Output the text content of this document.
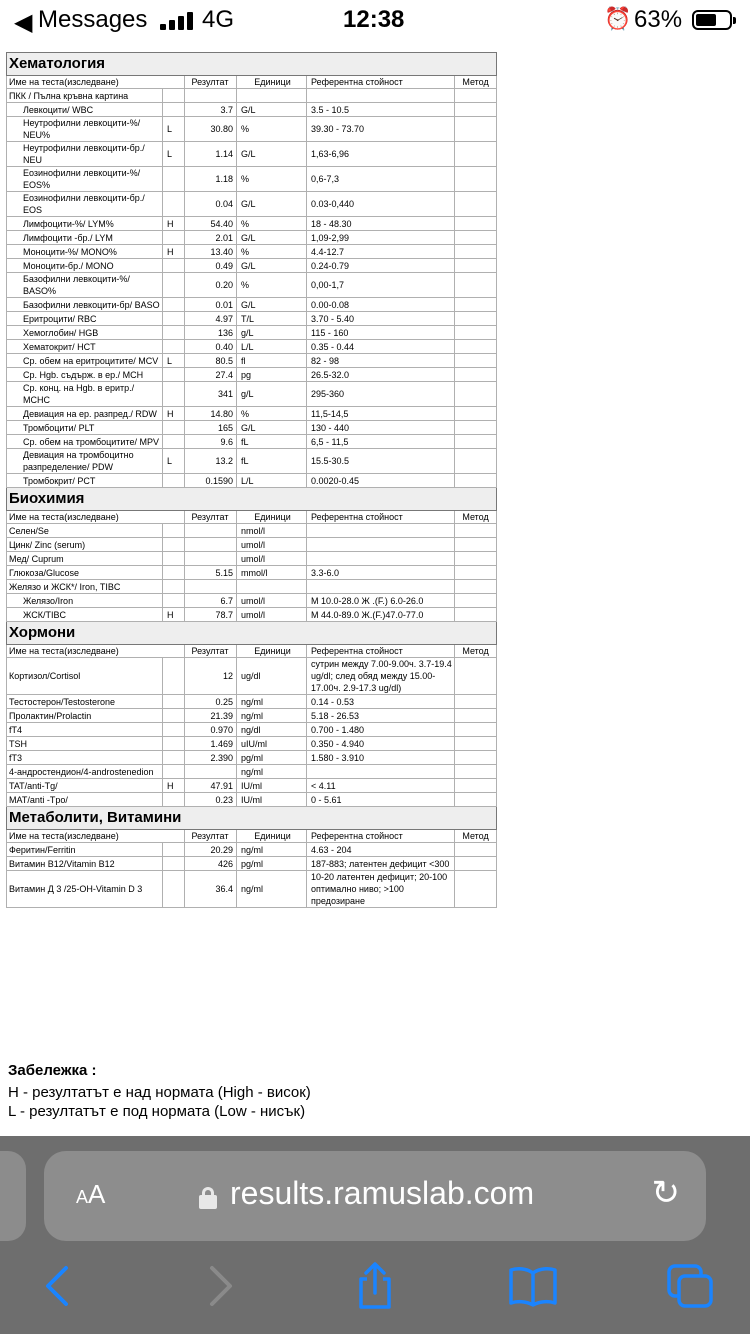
◀ Messages 4G	12:38	⏰ 63%
Хематология					
Име на теста(изследване)		Резултат	Единици	Референтна стойност	Метод
ПКК / Пълна кръвна картина					
Левкоцити/ WBC		3.7	G/L	3.5 - 10.5	
Неутрофилни левкоцити-%/ NEU%	L	30.80	%	39.30 - 73.70	
Неутрофилни левкоцити-бр./ NEU	L	1.14	G/L	1,63-6,96	
Еозинофилни левкоцити-%/ EOS%		1.18	%	0,6-7,3	
Еозинофилни левкоцити-бр./ EOS		0.04	G/L	0.03-0,440	
Лимфоцити-%/ LYM%	H	54.40	%	18 - 48.30	
Лимфоцити -бр./ LYM		2.01	G/L	1,09-2,99	
Моноцити-%/ MONO%	H	13.40	%	4.4-12.7	
Моноцити-бр./ MONO		0.49	G/L	0.24-0.79	
Базофилни левкоцити-%/ BASO%		0.20	%	0,00-1,7	
Базофилни левкоцити-бр/ BASO		0.01	G/L	0.00-0.08	
Еритроцити/ RBC		4.97	T/L	3.70 - 5.40	
Хемоглобин/ HGB		136	g/L	115 - 160	
Хематокрит/ HCT		0.40	L/L	0.35 - 0.44	
Ср. обем на еритроцитите/ MCV	L	80.5	fl	82 - 98	
Ср. Hgb. съдърж. в ер./ MCH		27.4	pg	26.5-32.0	
Ср. конц. на Hgb. в еритр./ MCHC		341	g/L	295-360	
Девиация на ер. разпред./ RDW	H	14.80	%	11,5-14,5	
Тромбоцити/ PLT		165	G/L	130 - 440	
Ср. обем на тромбоцитите/ MPV		9.6	fL	6,5 - 11,5	
Девиация на тромбоцитно разпределение/ PDW	L	13.2	fL	15.5-30.5	
Тромбокрит/ PCT		0.1590	L/L	0.0020-0.45	
Биохимия					
Име на теста(изследване)		Резултат	Единици	Референтна стойност	Метод
Селен/Se			nmol/l		
Цинк/ Zinc (serum)			umol/l		
Мед/ Cuprum			umol/l		
Глюкоза/Glucose		5.15	mmol/l	3.3-6.0	
Желязо и ЖСК*/ Iron, TIBC					
Желязо/Iron		6.7	umol/l	М 10.0-28.0 Ж .(F.) 6.0-26.0	
ЖСК/TIBC	H	78.7	umol/l	М 44.0-89.0 Ж.(F.)47.0-77.0	
Хормони					
Име на теста(изследване)		Резултат	Единици	Референтна стойност	Метод
Кортизол/Cortisol		12	ug/dl	сутрин между 7.00-9.00ч. 3.7-19.4 ug/dl; след обяд между 15.00-17.00ч. 2.9-17.3 ug/dl)	
Тестостерон/Testosterone		0.25	ng/ml	0.14 - 0.53	
Пролактин/Prolactin		21.39	ng/ml	5.18 - 26.53	
fT4		0.970	ng/dl	0.700 - 1.480	
TSH		1.469	uIU/ml	0.350 - 4.940	
fT3		2.390	pg/ml	1.580 - 3.910	
4-андростендион/4-androstenedion			ng/ml		
TAT/anti-Tg/	H	47.91	IU/ml	< 4.11	
MAT/anti -Tpo/		0.23	IU/ml	0 - 5.61	
Метаболити, Витамини					
Име на теста(изследване)		Резултат	Единици	Референтна стойност	Метод
Феритин/Ferritin		20.29	ng/ml	4.63 - 204	
Витамин B12/Vitamin B12		426	pg/ml	187-883; латентен дефицит <300	
Витамин Д 3 /25-OH-Vitamin D 3		36.4	ng/ml	10-20 латентен дефицит; 20-100 оптимално ниво; >100 предозиране	
Забележка :
H - резултатът е над нормата (High - висок)
L - резултатът е под нормата (Low - нисък)
AA	results.ramuslab.com	↻
